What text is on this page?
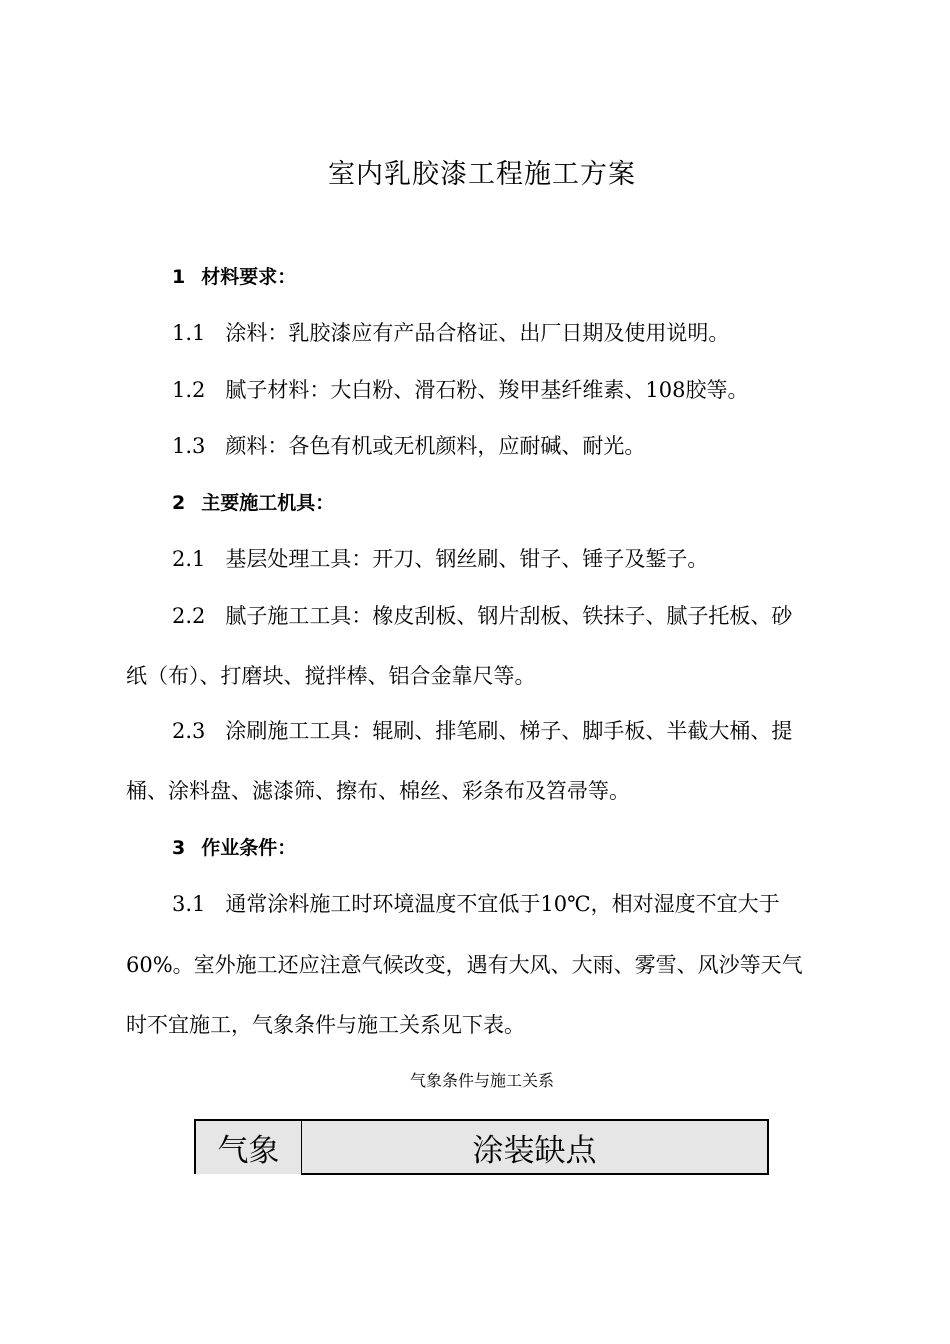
室内乳胶漆工程施工方案
1 材料要求：
1.1 涂料：乳胶漆应有产品合格证、出厂日期及使用说明。
1.2 腻子材料：大白粉、滑石粉、羧甲基纤维素、108胶等。
1.3 颜料：各色有机或无机颜料，应耐碱、耐光。
2 主要施工机具：
2.1 基层处理工具：开刀、钢丝刷、钳子、锤子及錾子。
2.2 腻子施工工具：橡皮刮板、钢片刮板、铁抹子、腻子托板、砂
纸（布）、打磨块、搅拌棒、铝合金靠尺等。
2.3 涂刷施工工具：辊刷、排笔刷、梯子、脚手板、半截大桶、提
桶、涂料盘、滤漆筛、擦布、棉丝、彩条布及笤帚等。
3 作业条件：
3.1 通常涂料施工时环境温度不宜低于10℃，相对湿度不宜大于
60%。室外施工还应注意气候改变，遇有大风、大雨、雾雪、风沙等天气
时不宜施工，气象条件与施工关系见下表。
气象条件与施工关系
气象	涂装缺点
